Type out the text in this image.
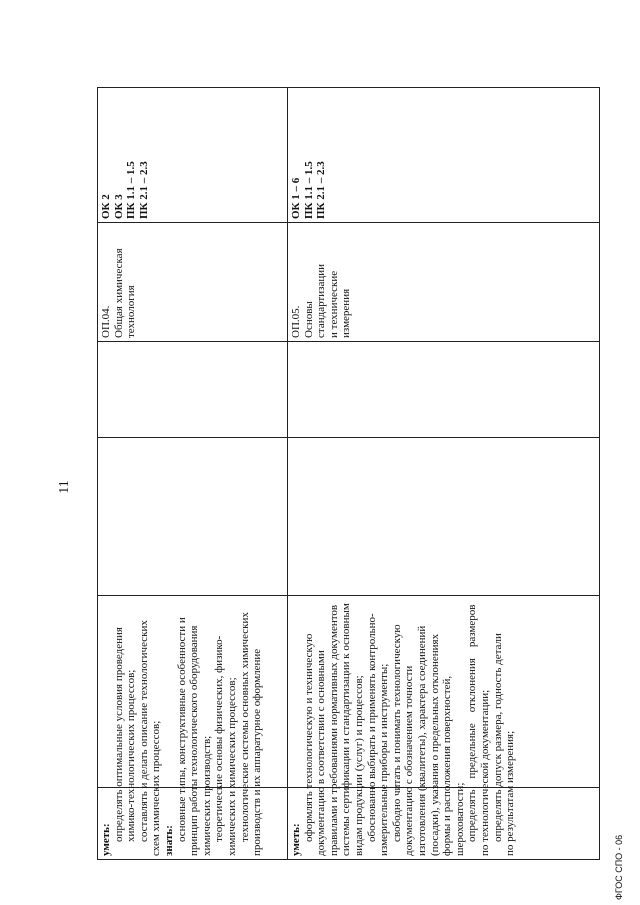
11
ОК 2 ОК 3 ПК 1.1 – 1.5 ПК 2.1 – 2.3
ОП.04. Общая химическая технология
уметь: определять оптимальные условия проведения химико-технологических процессов; составлять и делать описание технологических схем химических процессов; знать: основные типы, конструктивные особенности и принцип работы технологического оборудования химических производств; теоретические основы физических, физико- химических и химических процессов; технологические системы основных химических производств и их аппаратурное оформление
ОК 1 – 6 ПК 1.1 – 1.5 ПК 2.1 – 2.3
ОП.05. Основы стандартизации и технические измерения
уметь: оформлять технологическую и техническую документацию в соответствии с основными правилами и требованиями нормативных документов системы сертификации и стандартизации к основным видам продукции (услуг) и процессов; обоснованно выбирать и применять контрольно- измерительные приборы и инструменты; свободно читать и понимать технологическую документацию с обозначением точности изготовления (квалитеты), характера соединений (посадки), указания о предельных отклонениях формы и расположения поверхностей, шероховатости; определять    предельные    отклонения    размеров по технологической документации; определять допуск размера, годность детали по результатам измерения;
ФГОС СПО - 06
